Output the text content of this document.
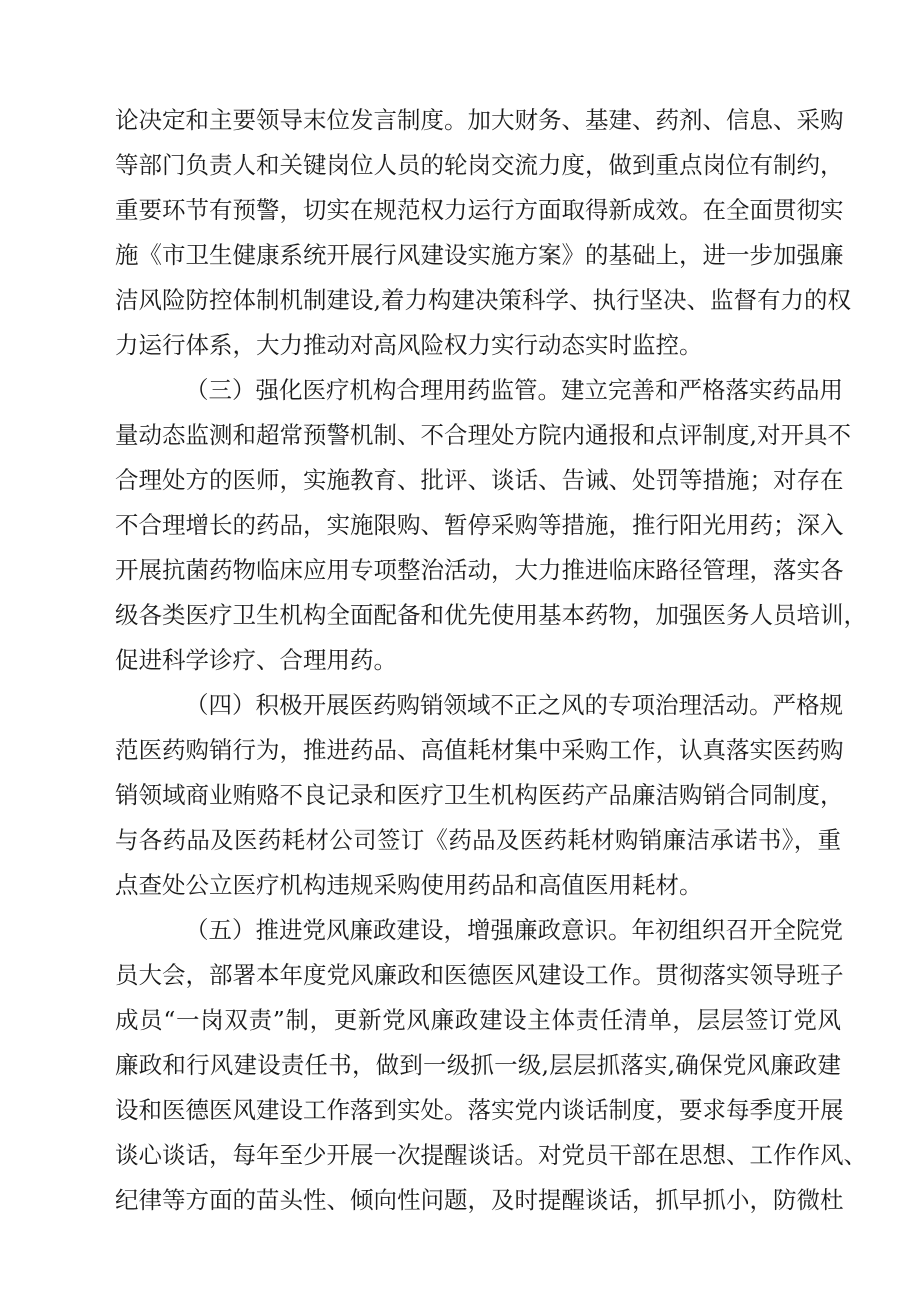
论决定和主要领导末位发言制度。加大财务、基建、药剂、信息、采购
等部门负责人和关键岗位人员的轮岗交流力度，做到重点岗位有制约，
重要环节有预警，切实在规范权力运行方面取得新成效。在全面贯彻实
施《市卫生健康系统开展行风建设实施方案》的基础上，进一步加强廉
洁风险防控体制机制建设,着力构建决策科学、执行坚决、监督有力的权
力运行体系，大力推动对高风险权力实行动态实时监控。
（三）强化医疗机构合理用药监管。建立完善和严格落实药品用
量动态监测和超常预警机制、不合理处方院内通报和点评制度,对开具不
合理处方的医师，实施教育、批评、谈话、告诫、处罚等措施；对存在
不合理增长的药品，实施限购、暂停采购等措施，推行阳光用药；深入
开展抗菌药物临床应用专项整治活动，大力推进临床路径管理，落实各
级各类医疗卫生机构全面配备和优先使用基本药物，加强医务人员培训，
促进科学诊疗、合理用药。
（四）积极开展医药购销领域不正之风的专项治理活动。严格规
范医药购销行为，推进药品、高值耗材集中采购工作，认真落实医药购
销领域商业贿赂不良记录和医疗卫生机构医药产品廉洁购销合同制度，
与各药品及医药耗材公司签订《药品及医药耗材购销廉洁承诺书》，重
点查处公立医疗机构违规采购使用药品和高值医用耗材。
（五）推进党风廉政建设，增强廉政意识。年初组织召开全院党
员大会，部署本年度党风廉政和医德医风建设工作。贯彻落实领导班子
成员“一岗双责”制，更新党风廉政建设主体责任清单，层层签订党风
廉政和行风建设责任书，做到一级抓一级,层层抓落实,确保党风廉政建
设和医德医风建设工作落到实处。落实党内谈话制度，要求每季度开展
谈心谈话，每年至少开展一次提醒谈话。对党员干部在思想、工作作风、
纪律等方面的苗头性、倾向性问题，及时提醒谈话，抓早抓小，防微杜
